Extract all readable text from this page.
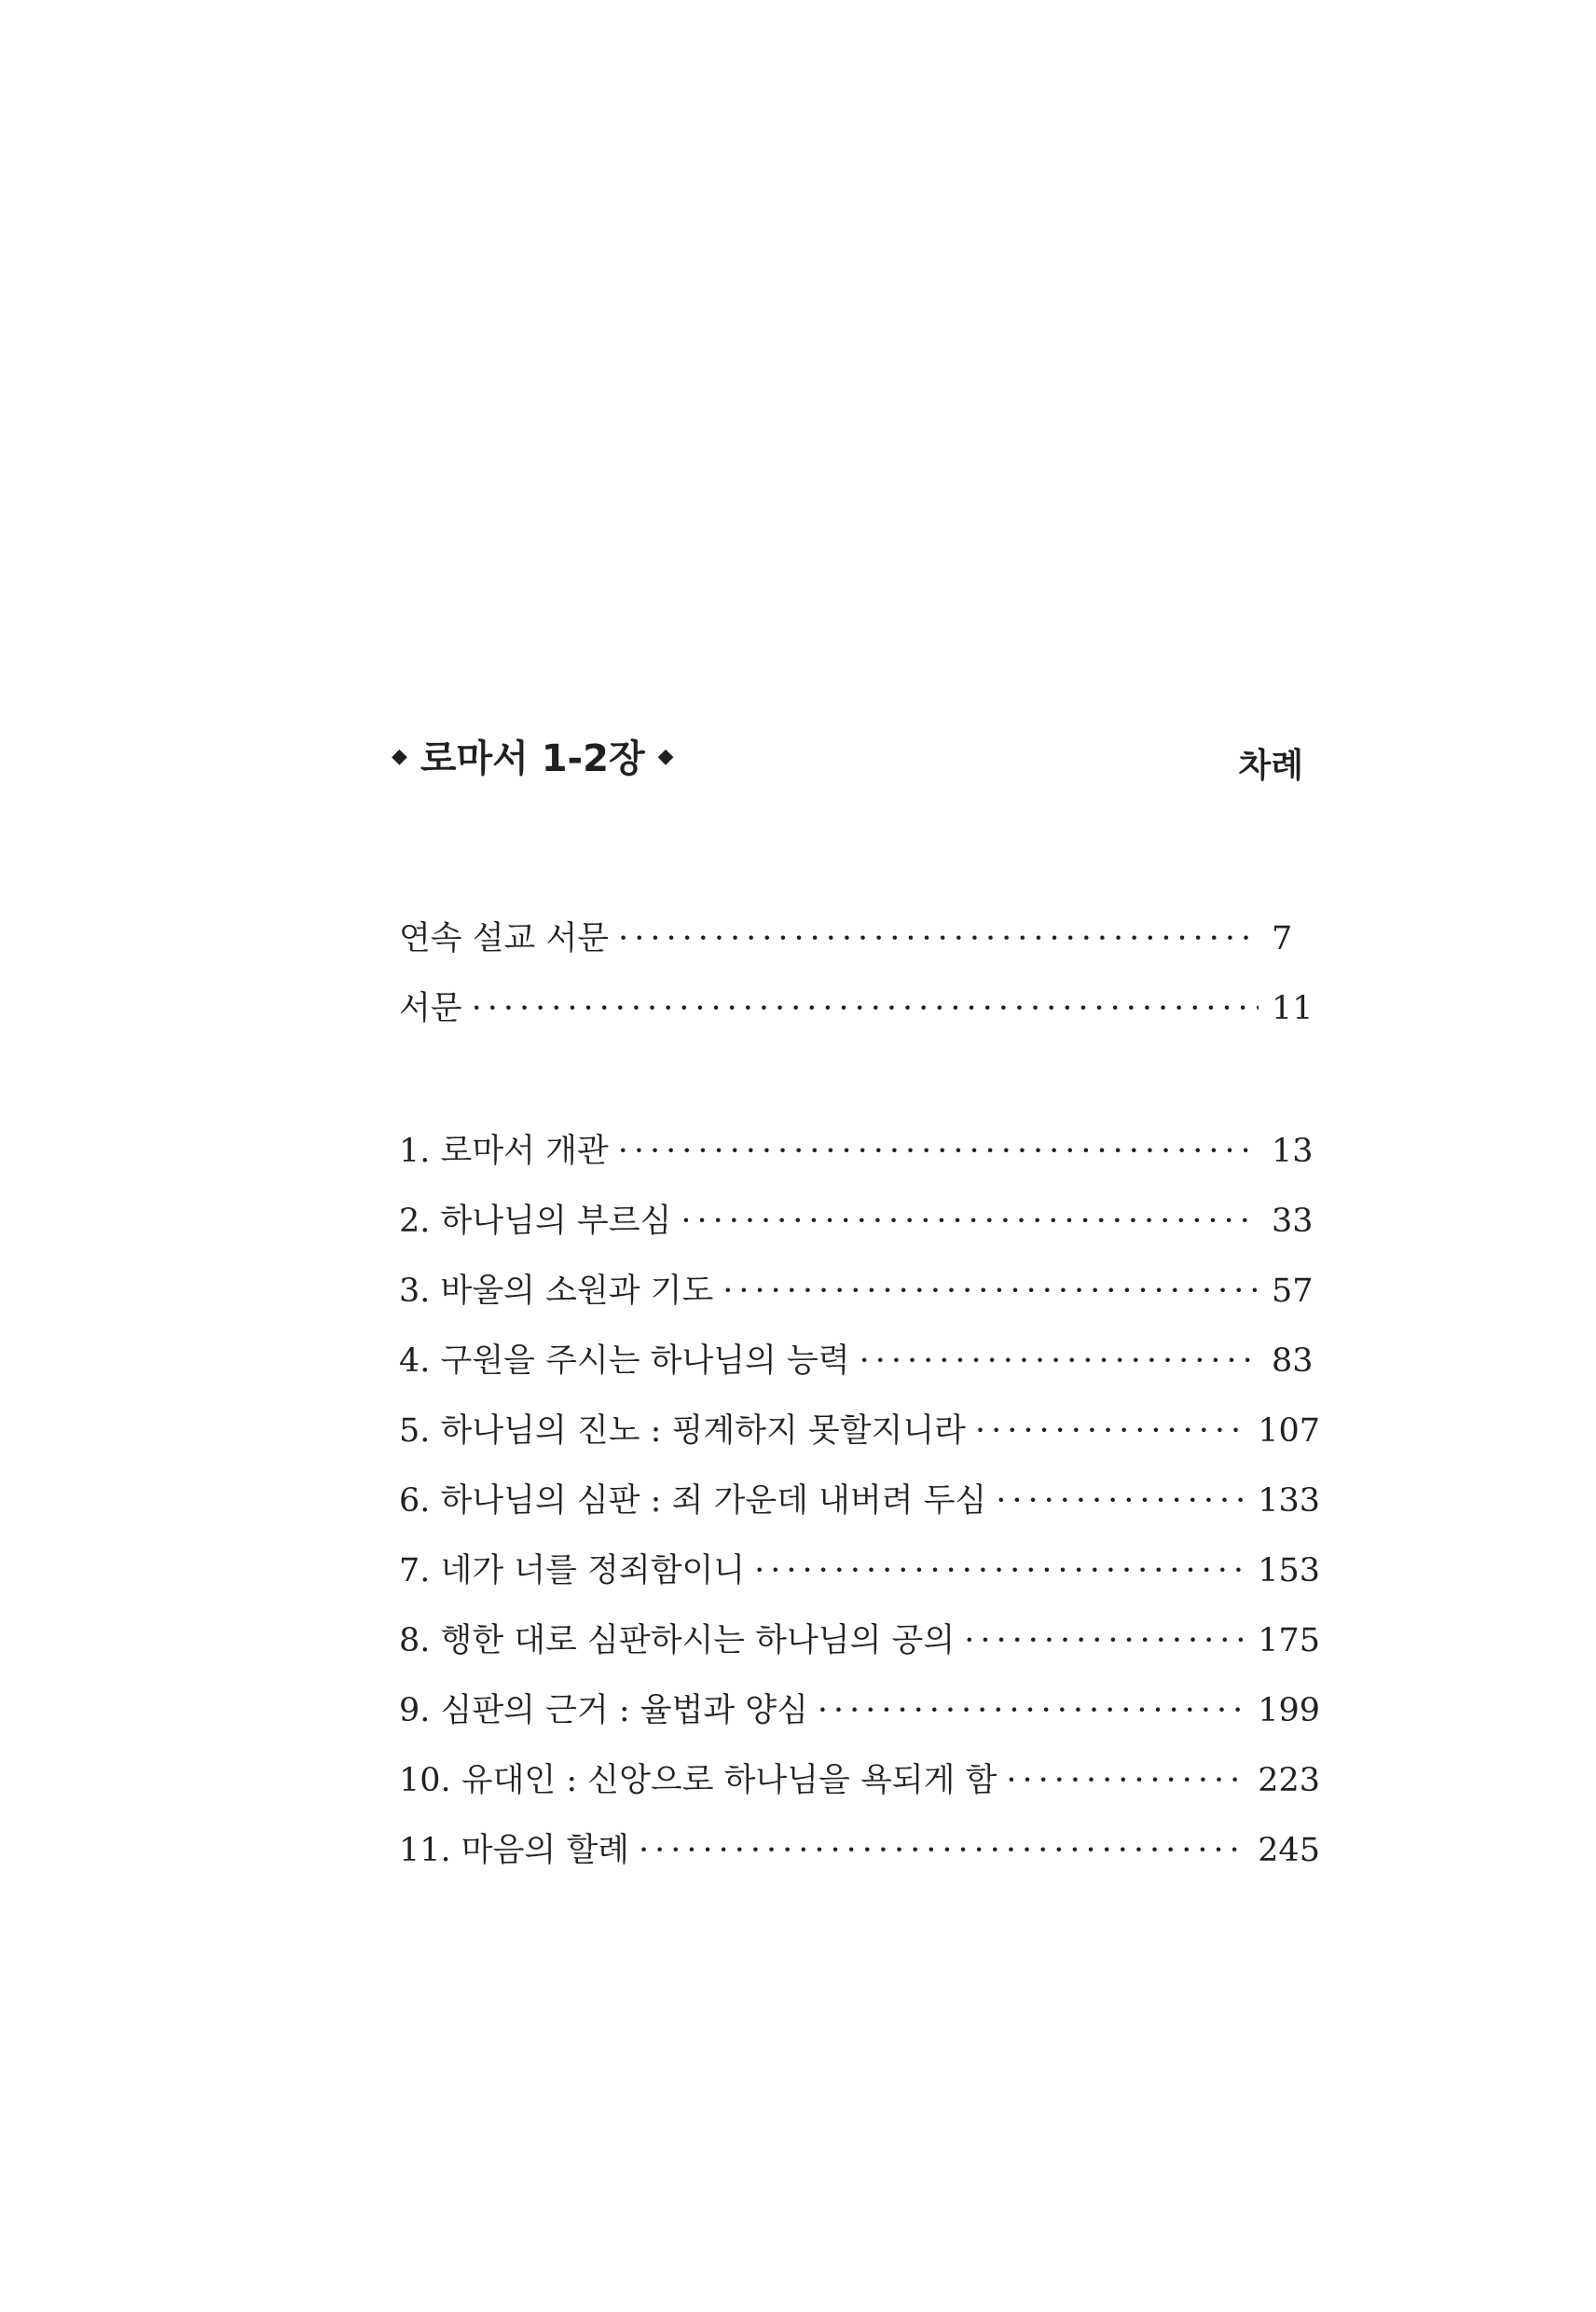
◆ 로마서 1-2장 ◆	차례
연속 설교 서문 ·····	7
서문 ·····	11
1. 로마서 개관 ·····	13
2. 하나님의 부르심 ·····	33
3. 바울의 소원과 기도 ·····	57
4. 구원을 주시는 하나님의 능력 ·····	83
5. 하나님의 진노 : 핑계하지 못할지니라 ·····	107
6. 하나님의 심판 : 죄 가운데 내버려 두심 ·····	133
7. 네가 너를 정죄함이니 ·····	153
8. 행한 대로 심판하시는 하나님의 공의 ·····	175
9. 심판의 근거 : 율법과 양심 ·····	199
10. 유대인 : 신앙으로 하나님을 욕되게 함 ·····	223
11. 마음의 할례 ·····	245
